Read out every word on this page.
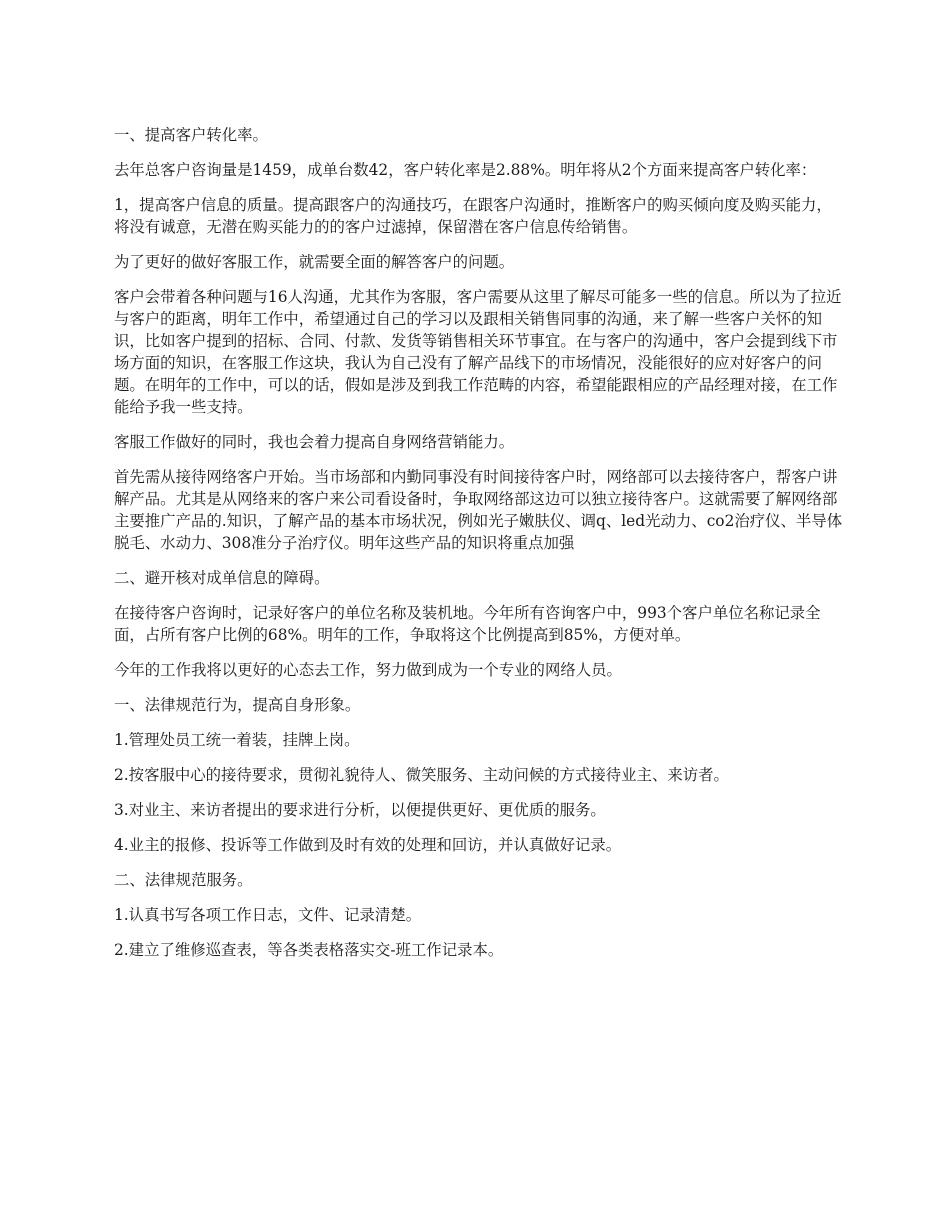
一、提高客户转化率。

去年总客户咨询量是1459，成单台数42，客户转化率是2.88%。明年将从2个方面来提高客户转化率：

1，提高客户信息的质量。提高跟客户的沟通技巧，在跟客户沟通时，推断客户的购买倾向度及购买能力，将没有诚意，无潜在购买能力的的客户过滤掉，保留潜在客户信息传给销售。

为了更好的做好客服工作，就需要全面的解答客户的问题。

客户会带着各种问题与16人沟通，尤其作为客服，客户需要从这里了解尽可能多一些的信息。所以为了拉近与客户的距离，明年工作中，希望通过自己的学习以及跟相关销售同事的沟通，来了解一些客户关怀的知识，比如客户提到的招标、合同、付款、发货等销售相关环节事宜。在与客户的沟通中，客户会提到线下市场方面的知识，在客服工作这块，我认为自己没有了解产品线下的市场情况，没能很好的应对好客户的问题。在明年的工作中，可以的话，假如是涉及到我工作范畴的内容，希望能跟相应的产品经理对接，在工作能给予我一些支持。

客服工作做好的同时，我也会着力提高自身网络营销能力。

首先需从接待网络客户开始。当市场部和内勤同事没有时间接待客户时，网络部可以去接待客户，帮客户讲解产品。尤其是从网络来的客户来公司看设备时，争取网络部这边可以独立接待客户。这就需要了解网络部主要推广产品的.知识，了解产品的基本市场状况，例如光子嫩肤仪、调q、led光动力、co2治疗仪、半导体脱毛、水动力、308准分子治疗仪。明年这些产品的知识将重点加强

二、避开核对成单信息的障碍。

在接待客户咨询时，记录好客户的单位名称及装机地。今年所有咨询客户中，993个客户单位名称记录全面，占所有客户比例的68%。明年的工作，争取将这个比例提高到85%，方便对单。

今年的工作我将以更好的心态去工作，努力做到成为一个专业的网络人员。

一、法律规范行为，提高自身形象。

1.管理处员工统一着装，挂牌上岗。

2.按客服中心的接待要求，贯彻礼貌待人、微笑服务、主动问候的方式接待业主、来访者。

3.对业主、来访者提出的要求进行分析，以便提供更好、更优质的服务。

4.业主的报修、投诉等工作做到及时有效的处理和回访，并认真做好记录。

二、法律规范服务。

1.认真书写各项工作日志，文件、记录清楚。

2.建立了维修巡查表，等各类表格落实交-班工作记录本。
